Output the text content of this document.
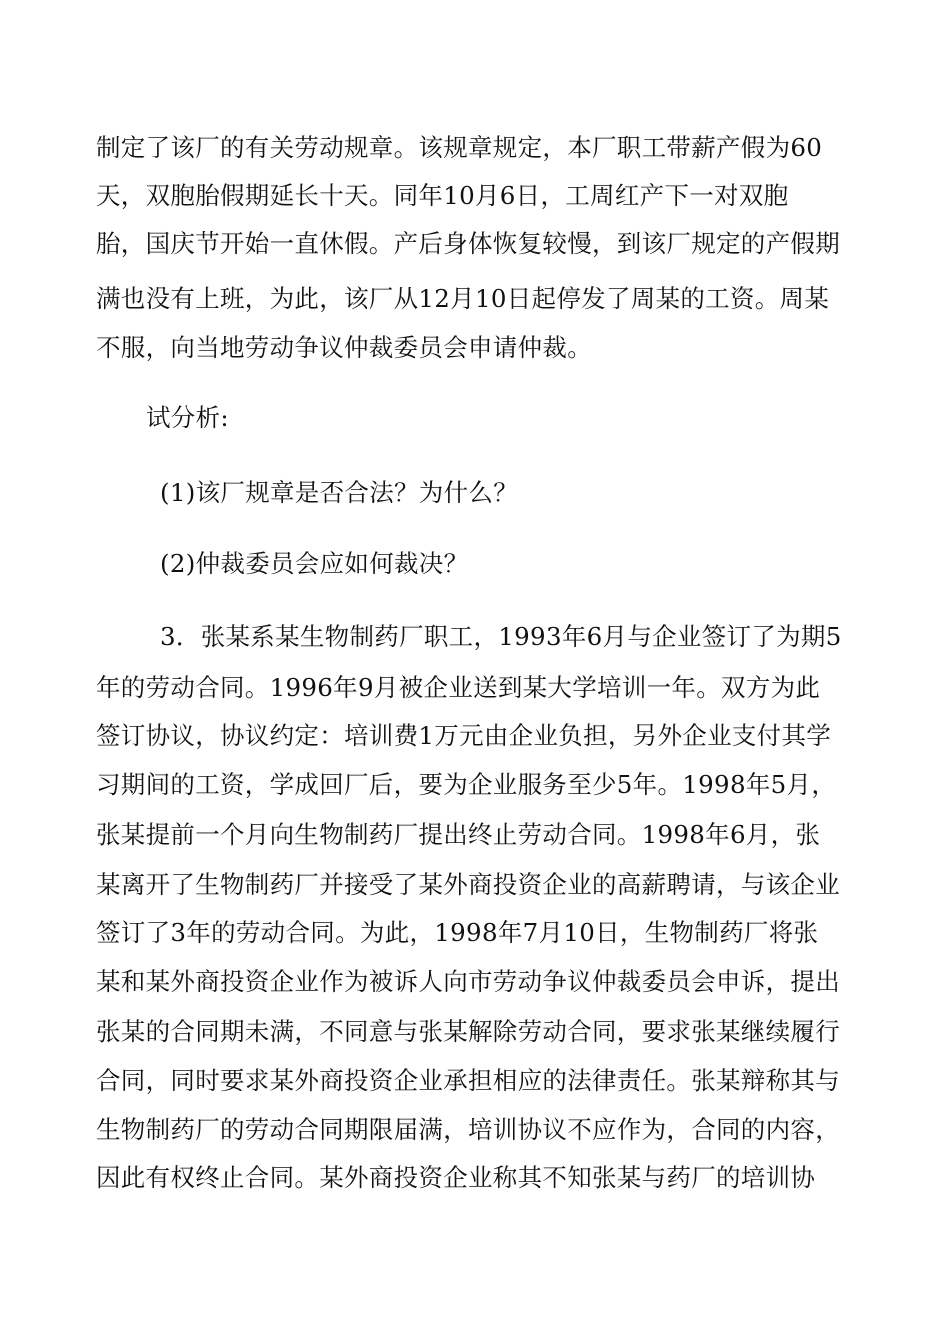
制定了该厂的有关劳动规章。该规章规定，本厂职工带薪产假为60
天，双胞胎假期延长十天。同年10月6日，工周红产下一对双胞
胎，国庆节开始一直休假。产后身体恢复较慢，到该厂规定的产假期
满也没有上班，为此，该厂从12月10日起停发了周某的工资。周某
不服，向当地劳动争议仲裁委员会申请仲裁。
试分析:
(1)该厂规章是否合法？为什么？
(2)仲裁委员会应如何裁决？
3．张某系某生物制药厂职工，1993年6月与企业签订了为期5
年的劳动合同。1996年9月被企业送到某大学培训一年。双方为此
签订协议，协议约定：培训费1万元由企业负担，另外企业支付其学
习期间的工资，学成回厂后，要为企业服务至少5年。1998年5月，
张某提前一个月向生物制药厂提出终止劳动合同。1998年6月，张
某离开了生物制药厂并接受了某外商投资企业的高薪聘请，与该企业
签订了3年的劳动合同。为此，1998年7月10日，生物制药厂将张
某和某外商投资企业作为被诉人向市劳动争议仲裁委员会申诉，提出
张某的合同期未满，不同意与张某解除劳动合同，要求张某继续履行
合同，同时要求某外商投资企业承担相应的法律责任。张某辩称其与
生物制药厂的劳动合同期限届满，培训协议不应作为，合同的内容，
因此有权终止合同。某外商投资企业称其不知张某与药厂的培训协
